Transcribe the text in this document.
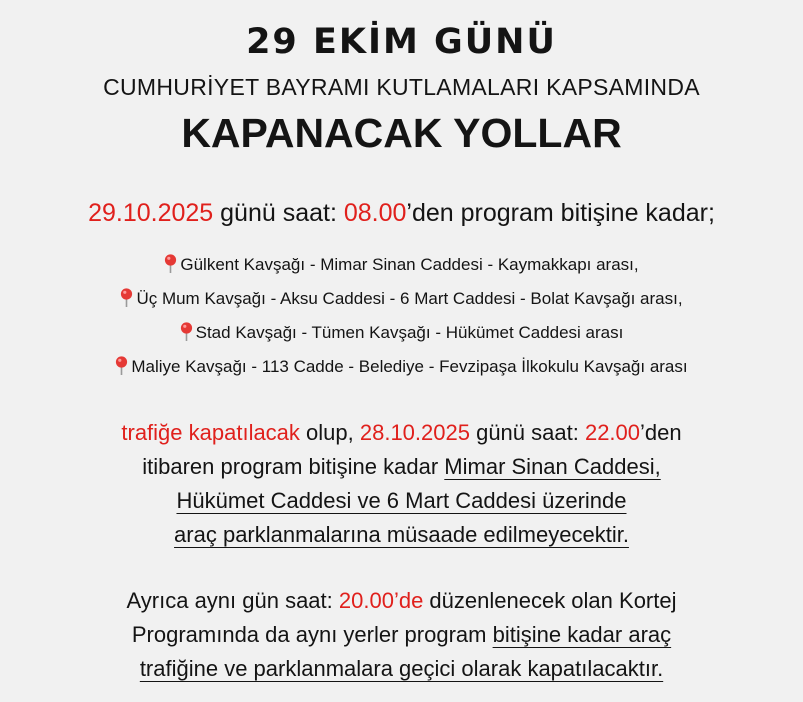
29 EKİM GÜNÜ
CUMHURİYET BAYRAMI KUTLAMALARI KAPSAMINDA
KAPANACAK YOLLAR
29.10.2025 günü saat: 08.00’den program bitişine kadar;
Gülkent Kavşağı - Mimar Sinan Caddesi - Kaymakkapı arası,
Üç Mum Kavşağı - Aksu Caddesi - 6 Mart Caddesi - Bolat Kavşağı arası,
Stad Kavşağı - Tümen Kavşağı - Hükümet Caddesi arası
Maliye Kavşağı - 113 Cadde - Belediye - Fevzipaşa İlkokulu Kavşağı arası
trafiğe kapatılacak olup, 28.10.2025 günü saat: 22.00’den
itibaren program bitişine kadar Mimar Sinan Caddesi,
Hükümet Caddesi ve 6 Mart Caddesi üzerinde
araç parklanmalarına müsaade edilmeyecektir.
Ayrıca aynı gün saat: 20.00’de düzenlenecek olan Kortej
Programında da aynı yerler program bitişine kadar araç
trafiğine ve parklanmalara geçici olarak kapatılacaktır.
